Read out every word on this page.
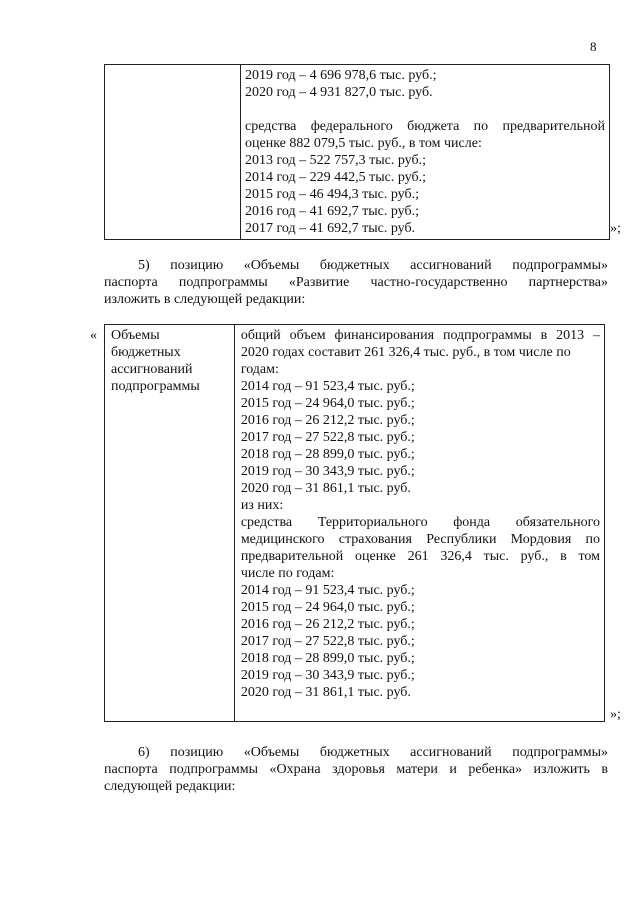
8

2019 год – 4 696 978,6 тыс. руб.;
2020 год – 4 931 827,0 тыс. руб.
средства федерального бюджета по предварительной
оценке 882 079,5 тыс. руб., в том числе:
2013 год – 522 757,3 тыс. руб.;
2014 год – 229 442,5 тыс. руб.;
2015 год – 46 494,3 тыс. руб.;
2016 год – 41 692,7 тыс. руб.;
2017 год – 41 692,7 тыс. руб.	»;
5) позицию «Объемы бюджетных ассигнований подпрограммы»
паспорта подпрограммы «Развитие частно-государственно партнерства»
изложить в следующей редакции:
« Объемы
бюджетных
ассигнований
подпрограммы

общий объем финансирования подпрограммы в 2013 –
2020 годах составит 261 326,4 тыс. руб., в том числе по
годам:
2014 год – 91 523,4 тыс. руб.;
2015 год – 24 964,0 тыс. руб.;
2016 год – 26 212,2 тыс. руб.;
2017 год – 27 522,8 тыс. руб.;
2018 год – 28 899,0 тыс. руб.;
2019 год – 30 343,9 тыс. руб.;
2020 год – 31 861,1 тыс. руб.
из них:
средства Территориального фонда обязательного
медицинского страхования Республики Мордовия по
предварительной оценке 261 326,4 тыс. руб., в том
числе по годам:
2014 год – 91 523,4 тыс. руб.;
2015 год – 24 964,0 тыс. руб.;
2016 год – 26 212,2 тыс. руб.;
2017 год – 27 522,8 тыс. руб.;
2018 год – 28 899,0 тыс. руб.;
2019 год – 30 343,9 тыс. руб.;
2020 год – 31 861,1 тыс. руб.
»;
6) позицию «Объемы бюджетных ассигнований подпрограммы»
паспорта подпрограммы «Охрана здоровья матери и ребенка» изложить в
следующей редакции:
